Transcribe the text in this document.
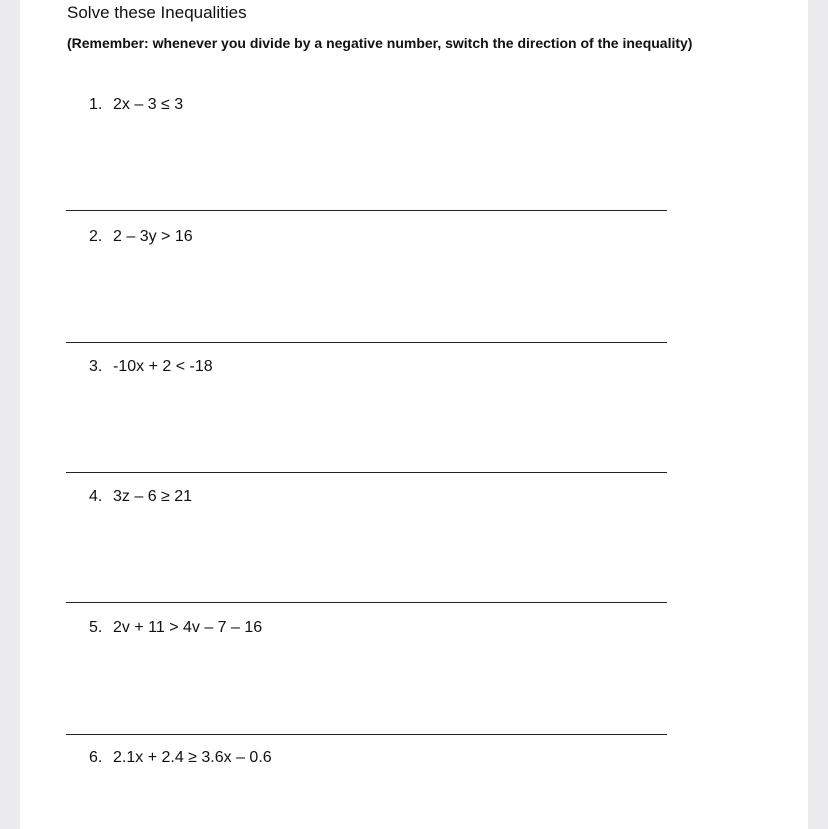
Solve these Inequalities
(Remember: whenever you divide by a negative number, switch the direction of the inequality)
1. 2x – 3 ≤ 3
2. 2 – 3y > 16
3. -10x + 2 < -18
4. 3z – 6 ≥ 21
5. 2v + 11 > 4v – 7 – 16
6. 2.1x + 2.4 ≥ 3.6x – 0.6
